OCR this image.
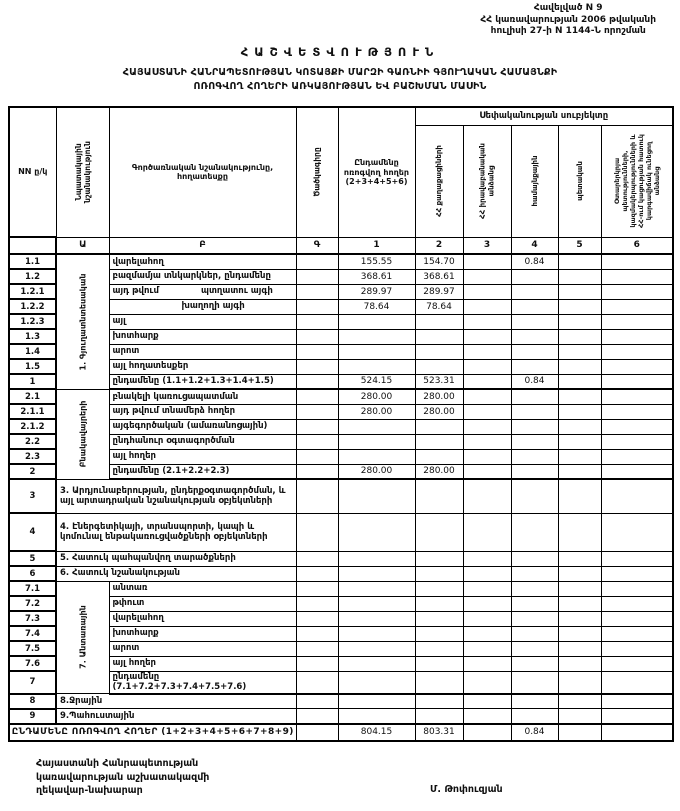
Հավելված N 9
ՀՀ կառավարության 2006 թվականի
հուլիսի 27-ի N 1144-Ն որոշման
ՀԱՇՎԵՏՎՈՒԹՅՈՒՆ
ՀԱՅԱՍՏԱՆԻ ՀԱՆՐԱՊԵՏՈՒԹՅԱՆ ԿՈՏԱՅՔԻ ՄԱՐԶԻ ԳԱՌՆԻԻ ԳՅՈՒՂԱԿԱՆ ՀԱՄԱՅՆՔԻ
ՈՌՈԳՎՈՂ ՀՈՂԵՐԻ ԱՌԿԱՅՈՒԹՅԱՆ ԵՎ ԲԱՇԽՄԱՆ ՄԱՍԻՆ
NN ը/կ	Նպատակային նշանակություն	Գործառնական նշանակությունը, հողատեսքը	Ծածկագիրը	Ընդամենը ոռոգվող հողեր (2+3+4+5+6)	Սեփականության սուբյեկտը				

					ՀՀ քաղաքացիների	ՀՀ իրավաբանական անձանց	համայնքային	պետական	Օտարերկրյա պետությունների, կազմակերպությունների և ՀՀ-ում կացության հատուկ կարգավիճակ ունեցող անձանց

	Ա	Բ	Գ	1	2	3	4	5	6
1.1	1. Գյուղատնտեսական	վարելահող		155.55	154.70		0.84		
1.2		բազմամյա տնկարկներ, ընդամենը		368.61	368.61				
1.2.1		այդ թվում պտղատու այգի		289.97	289.97				
1.2.2		խաղողի այգի		78.64	78.64				
1.2.3		այլ							
1.3		խոտհարք							
1.4		արոտ							
1.5		այլ հողատեսքեր							
1		ընդամենը (1.1+1.2+1.3+1.4+1.5)		524.15	523.31		0.84		
2.1	Բնակավայրերի	բնակելի կառուցապատման		280.00	280.00				
2.1.1		այդ թվում տնամերձ հողեր		280.00	280.00				
2.1.2		այգեգործական (ամառանոցային)							
2.2		ընդհանուր օգտագործման							
2.3		այլ հողեր							
2		ընդամենը (2.1+2.2+2.3)		280.00	280.00				
3	3. Արդյունաբերության, ընդերքօգտագործման, և այլ արտադրական նշանակության օբյեկտների								
4	4. Էներգետիկայի, տրանսպորտի, կապի և կոմունալ ենթակառուցվածքների օբյեկտների								
5	5. Հատուկ պահպանվող տարածքների								
6	6. Հատուկ նշանակության								
7.1	7. Անտառային	անտառ							
7.2		թփուտ							
7.3		վարելահող							
7.4		խոտհարք							
7.5		արոտ							
7.6		այլ հողեր							
7		ընդամենը (7.1+7.2+7.3+7.4+7.5+7.6)							
8	8.Ջրային								
9	9.Պահուստային								
ԸՆԴԱՄԵՆԸ ՈՌՈԳՎՈՂ ՀՈՂԵՐ (1+2+3+4+5+6+7+8+9)				804.15	803.31		0.84		
Հայաստանի Հանրապետության
կառավարության աշխատակազմի
ղեկավար-նախարար	Մ. Թոփուզյան
